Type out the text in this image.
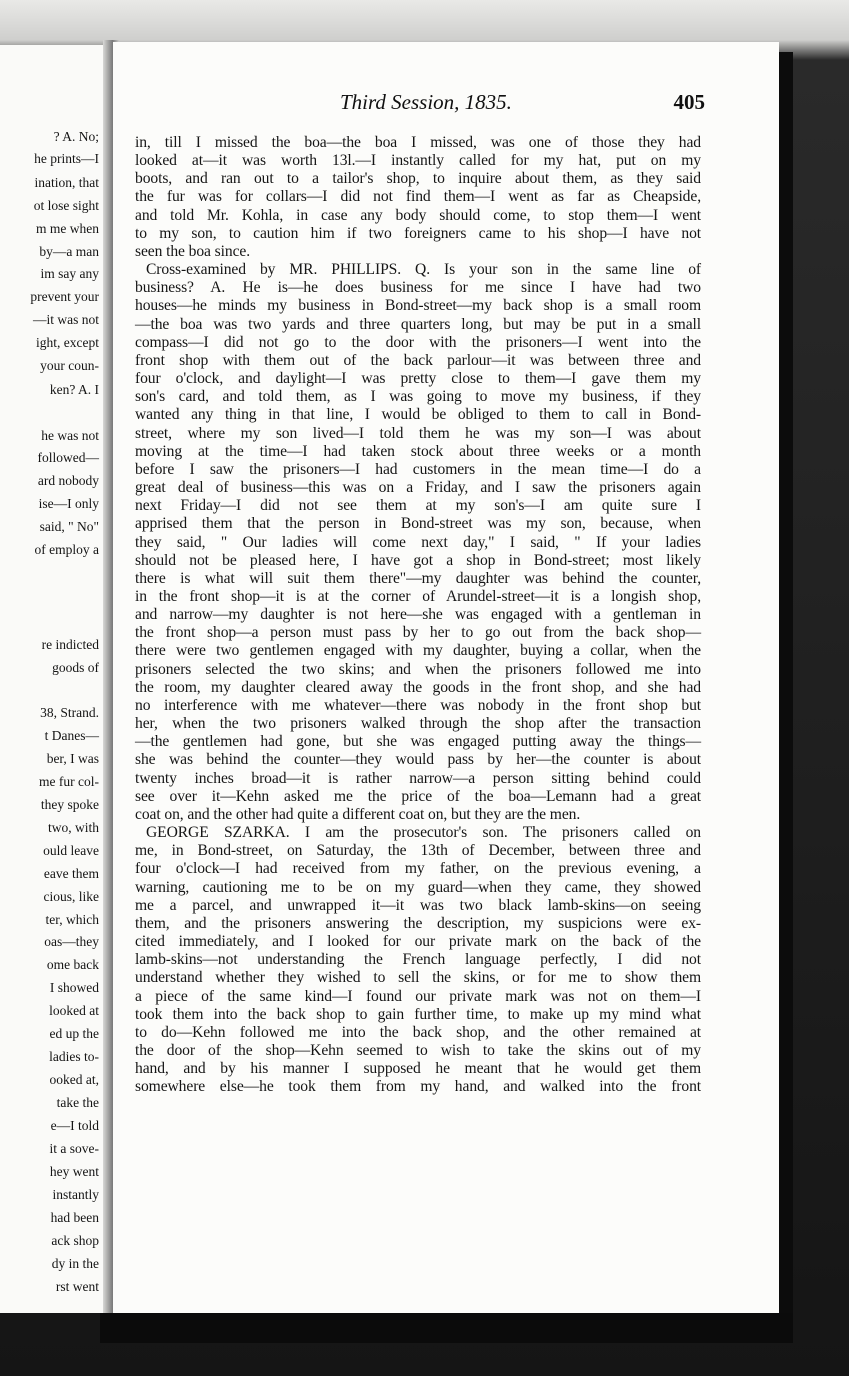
? A. No;
he prints—I
ination, that
ot lose sight
m me when
by—a man
im say any
prevent your
—it was not
ight, except
your coun-
ken? A. I
he was not
followed—
ard nobody
ise—I only
said, " No"
of employ a
re indicted
goods of
38, Strand.
t Danes—
ber, I was
me fur col-
they spoke
two, with
ould leave
eave them
cious, like
ter, which
oas—they
ome back
I showed
looked at
ed up the
ladies to-
ooked at,
take the
e—I told
it a sove-
hey went
instantly
had been
ack shop
dy in the
rst went
Third Session, 1835.	405
in, till I missed the boa—the boa I missed, was one of those they had
looked at—it was worth 13l.—I instantly called for my hat, put on my
boots, and ran out to a tailor's shop, to inquire about them, as they said
the fur was for collars—I did not find them—I went as far as Cheapside,
and told Mr. Kohla, in case any body should come, to stop them—I went
to my son, to caution him if two foreigners came to his shop—I have not
seen the boa since.
Cross-examined by MR. PHILLIPS. Q. Is your son in the same line of
business? A. He is—he does business for me since I have had two
houses—he minds my business in Bond-street—my back shop is a small room
—the boa was two yards and three quarters long, but may be put in a small
compass—I did not go to the door with the prisoners—I went into the
front shop with them out of the back parlour—it was between three and
four o'clock, and daylight—I was pretty close to them—I gave them my
son's card, and told them, as I was going to move my business, if they
wanted any thing in that line, I would be obliged to them to call in Bond-
street, where my son lived—I told them he was my son—I was about
moving at the time—I had taken stock about three weeks or a month
before I saw the prisoners—I had customers in the mean time—I do a
great deal of business—this was on a Friday, and I saw the prisoners again
next Friday—I did not see them at my son's—I am quite sure I
apprised them that the person in Bond-street was my son, because, when
they said, " Our ladies will come next day," I said, " If your ladies
should not be pleased here, I have got a shop in Bond-street; most likely
there is what will suit them there"—my daughter was behind the counter,
in the front shop—it is at the corner of Arundel-street—it is a longish shop,
and narrow—my daughter is not here—she was engaged with a gentleman in
the front shop—a person must pass by her to go out from the back shop—
there were two gentlemen engaged with my daughter, buying a collar, when the
prisoners selected the two skins; and when the prisoners followed me into
the room, my daughter cleared away the goods in the front shop, and she had
no interference with me whatever—there was nobody in the front shop but
her, when the two prisoners walked through the shop after the transaction
—the gentlemen had gone, but she was engaged putting away the things—
she was behind the counter—they would pass by her—the counter is about
twenty inches broad—it is rather narrow—a person sitting behind could
see over it—Kehn asked me the price of the boa—Lemann had a great
coat on, and the other had quite a different coat on, but they are the men.
GEORGE SZARKA. I am the prosecutor's son. The prisoners called on
me, in Bond-street, on Saturday, the 13th of December, between three and
four o'clock—I had received from my father, on the previous evening, a
warning, cautioning me to be on my guard—when they came, they showed
me a parcel, and unwrapped it—it was two black lamb-skins—on seeing
them, and the prisoners answering the description, my suspicions were ex-
cited immediately, and I looked for our private mark on the back of the
lamb-skins—not understanding the French language perfectly, I did not
understand whether they wished to sell the skins, or for me to show them
a piece of the same kind—I found our private mark was not on them—I
took them into the back shop to gain further time, to make up my mind what
to do—Kehn followed me into the back shop, and the other remained at
the door of the shop—Kehn seemed to wish to take the skins out of my
hand, and by his manner I supposed he meant that he would get them
somewhere else—he took them from my hand, and walked into the front
